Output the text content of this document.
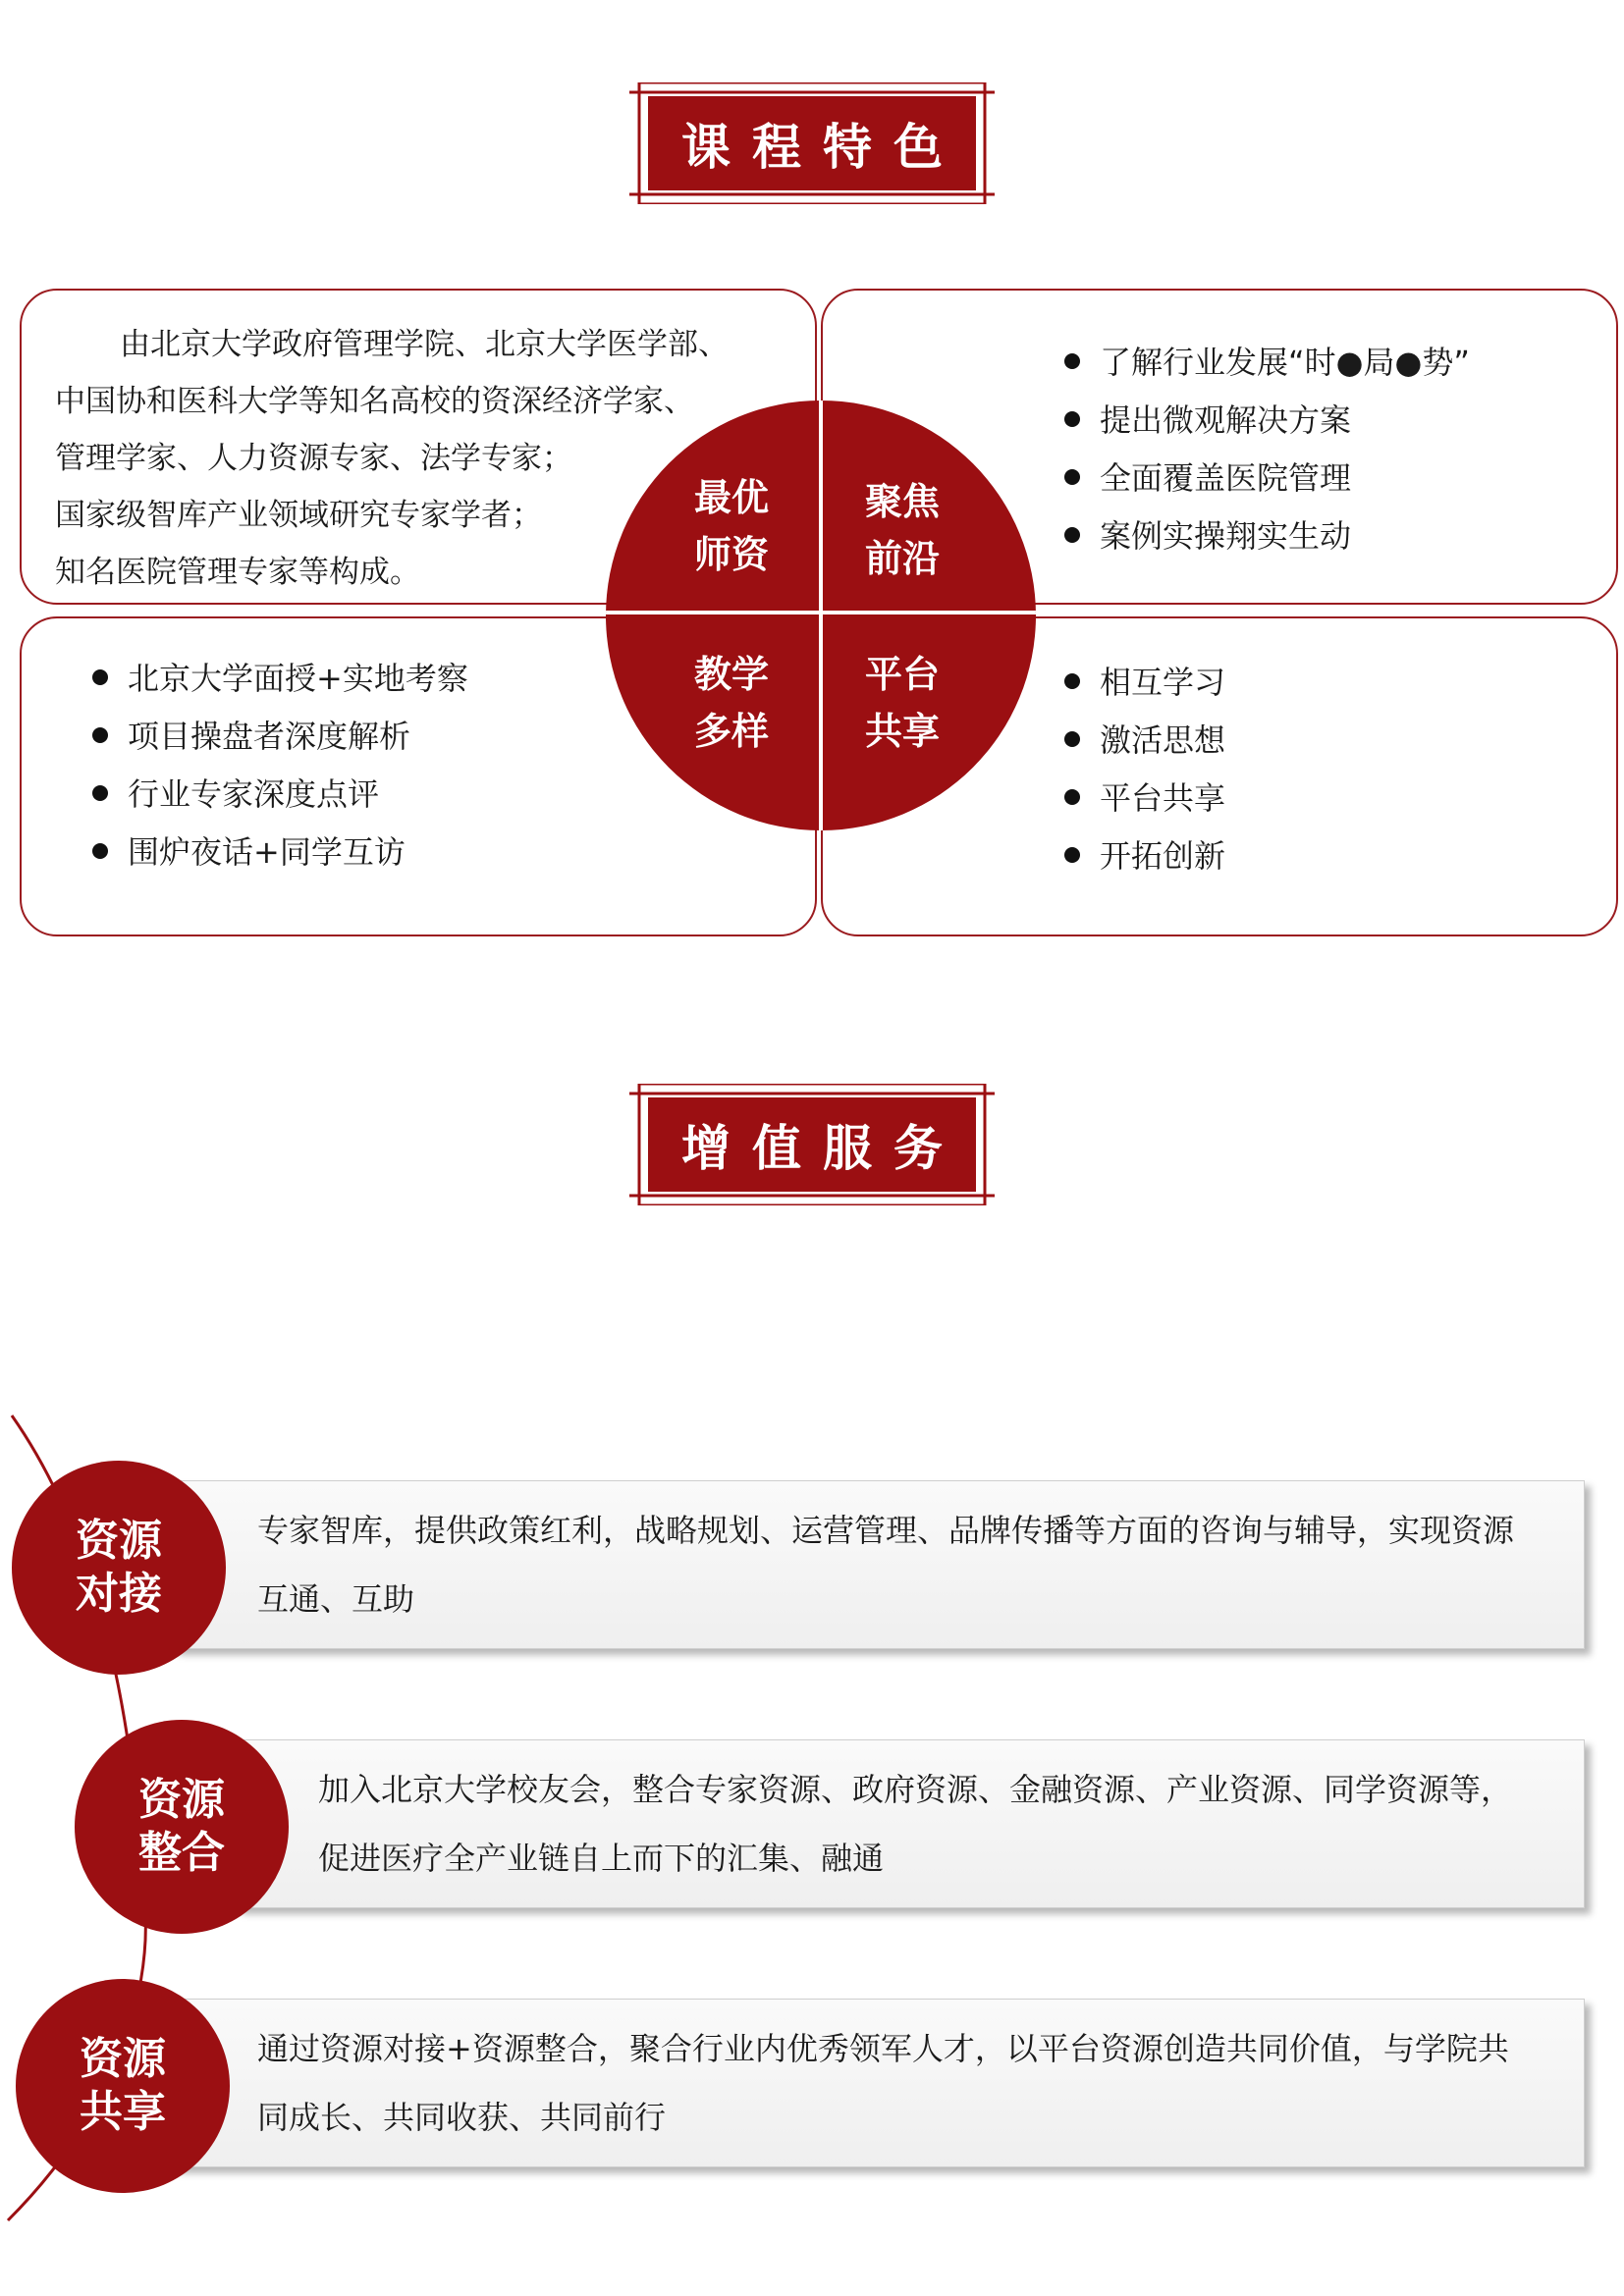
课程特色

由北京大学政府管理学院、北京大学医学部、
中国协和医科大学等知名高校的资深经济学家、
管理学家、人力资源专家、法学专家；
国家级智库产业领域研究专家学者；
知名医院管理专家等构成。

了解行业发展“时●局●势”
提出微观解决方案
全面覆盖医院管理
案例实操翔实生动
北京大学面授+实地考察
项目操盘者深度解析
行业专家深度点评
围炉夜话+同学互访
相互学习
激活思想
平台共享
开拓创新
最优
师资
聚焦
前沿
教学
多样
平台
共享
增值服务

专家智库，提供政策红利，战略规划、运营管理、品牌传播等方面的咨询与辅导，实现资源
互通、互助

加入北京大学校友会，整合专家资源、政府资源、金融资源、产业资源、同学资源等，
促进医疗全产业链自上而下的汇集、融通

通过资源对接+资源整合，聚合行业内优秀领军人才，以平台资源创造共同价值，与学院共
同成长、共同收获、共同前行

资源
对接
资源
整合
资源
共享
